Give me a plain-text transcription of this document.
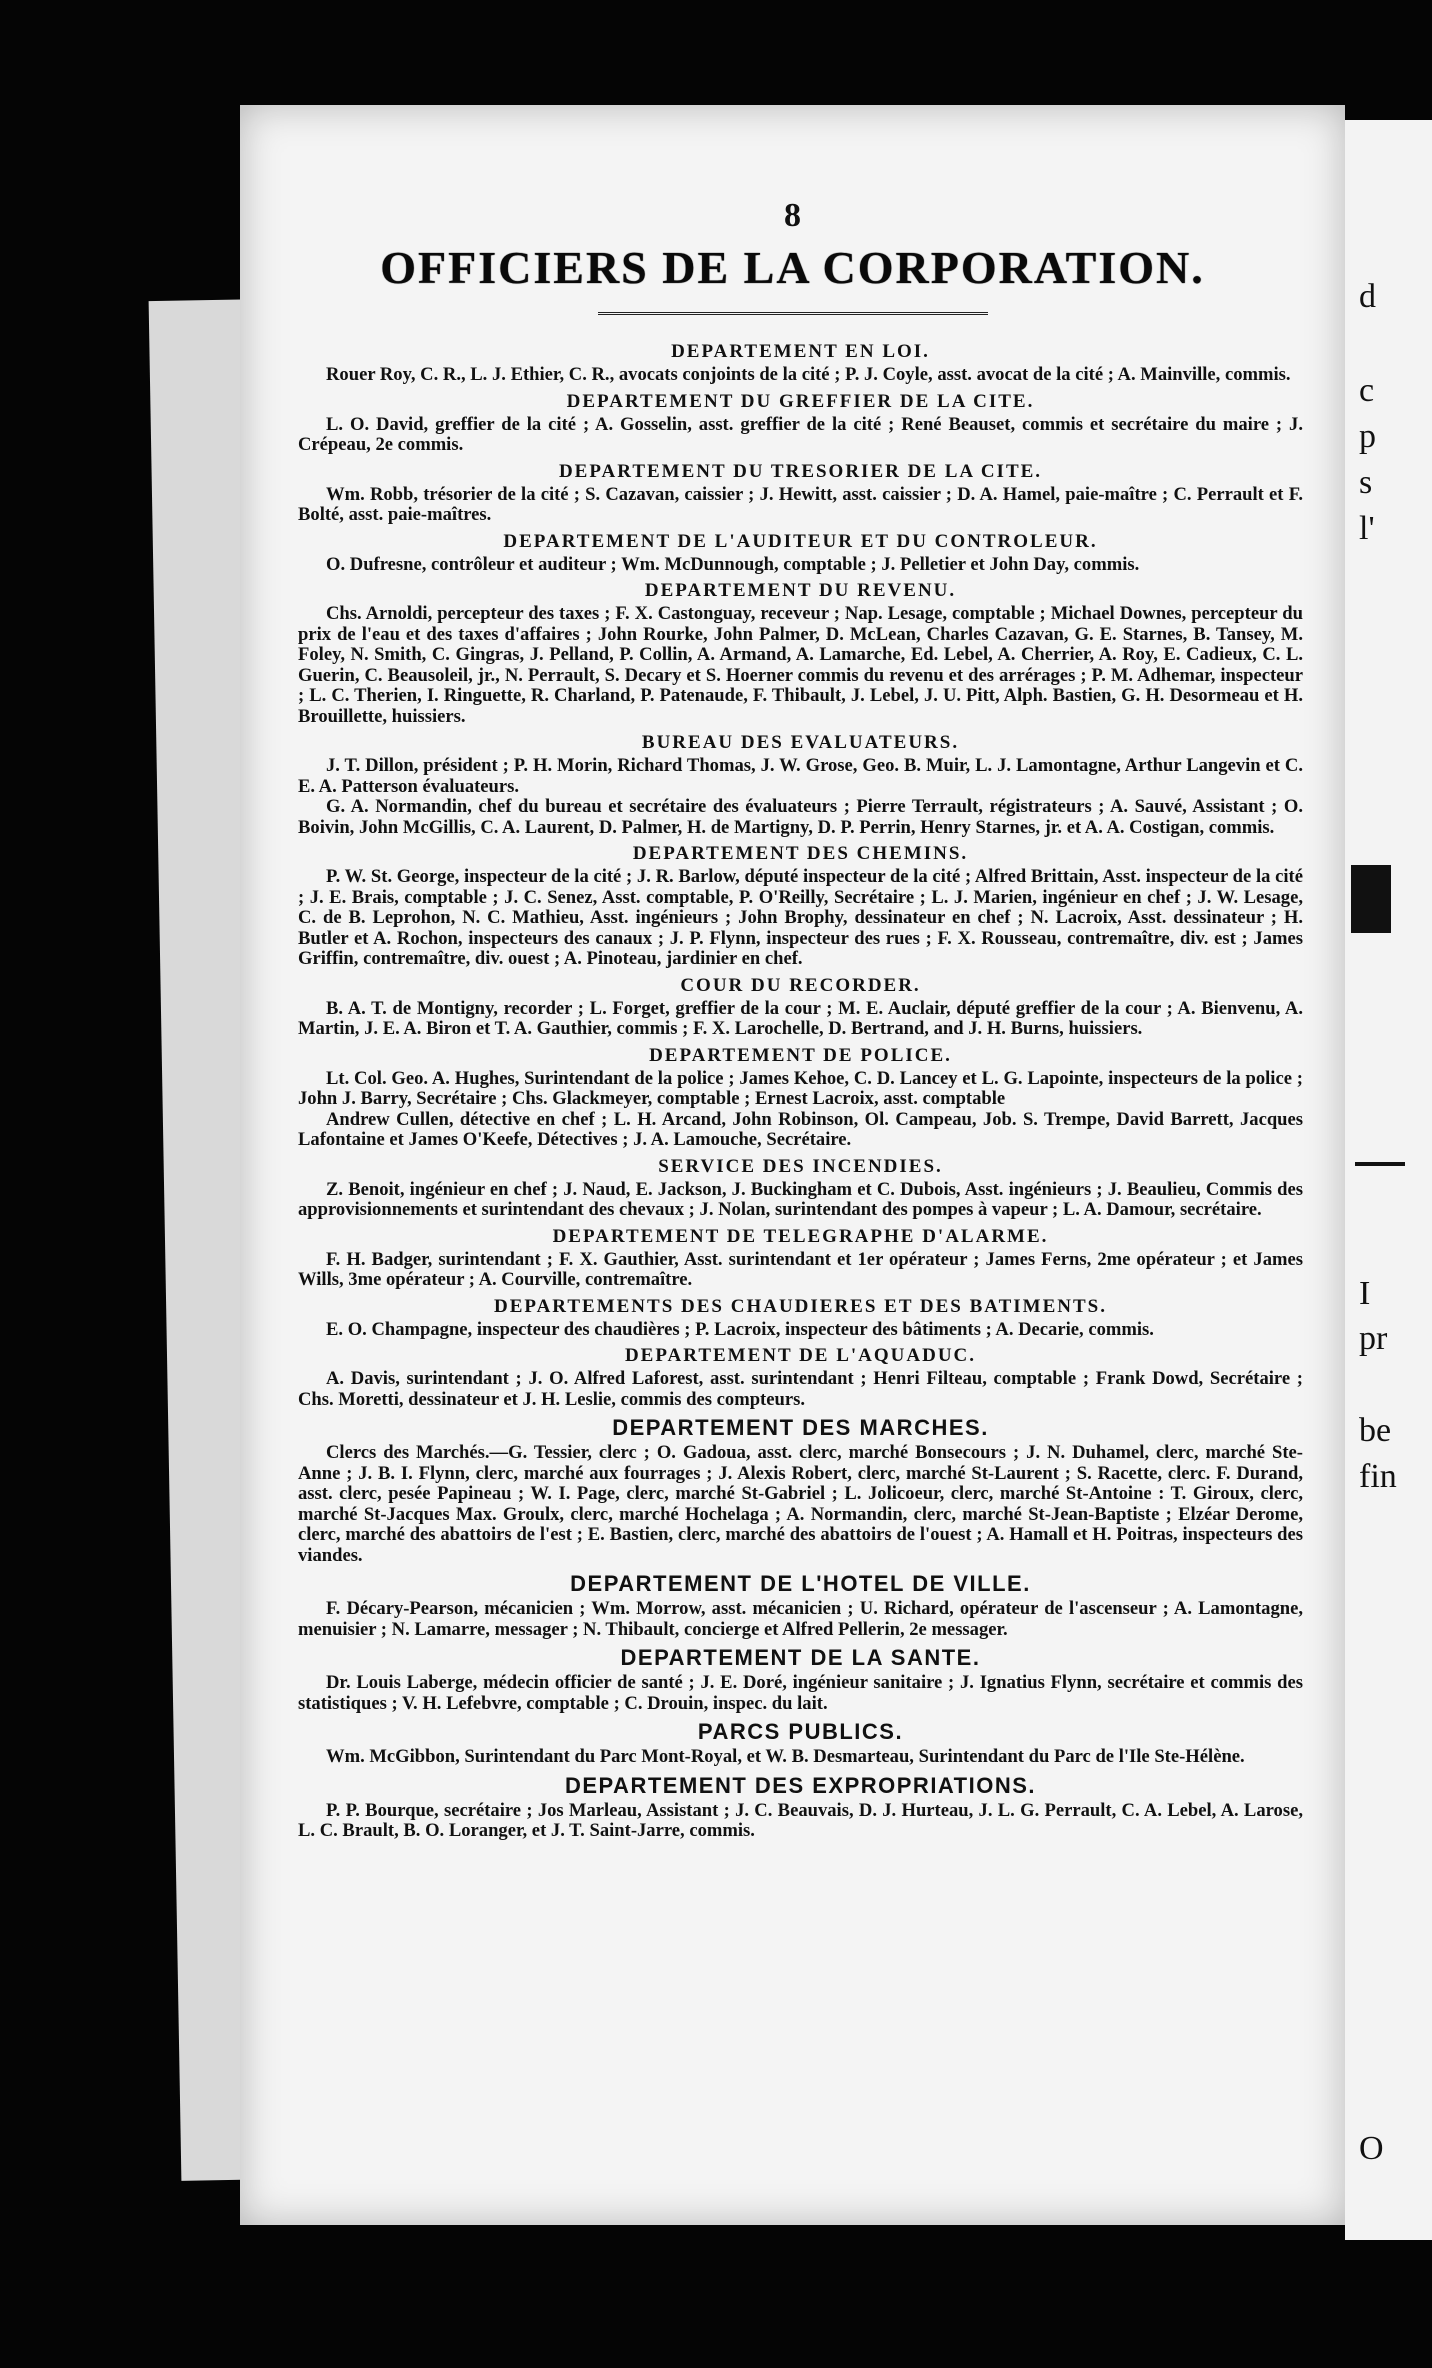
d
c
p
s
l'
I
pr
be
fin
O
8
OFFICIERS DE LA CORPORATION.
DEPARTEMENT EN LOI.

Rouer Roy, C. R., L. J. Ethier, C. R., avocats conjoints de la cité ; P. J. Coyle, asst. avocat de la cité ; A. Mainville, commis.

DEPARTEMENT DU GREFFIER DE LA CITE.

L. O. David, greffier de la cité ; A. Gosselin, asst. greffier de la cité ; René Beauset, commis et secrétaire du maire ; J. Crépeau, 2e commis.

DEPARTEMENT DU TRESORIER DE LA CITE.

Wm. Robb, trésorier de la cité ; S. Cazavan, caissier ; J. Hewitt, asst. caissier ; D. A. Hamel, paie-maître ; C. Perrault et F. Bolté, asst. paie-maîtres.

DEPARTEMENT DE L'AUDITEUR ET DU CONTROLEUR.

O. Dufresne, contrôleur et auditeur ; Wm. McDunnough, comptable ; J. Pelletier et John Day, commis.

DEPARTEMENT DU REVENU.

Chs. Arnoldi, percepteur des taxes ; F. X. Castonguay, receveur ; Nap. Lesage, comptable ; Michael Downes, percepteur du prix de l'eau et des taxes d'affaires ; John Rourke, John Palmer, D. McLean, Charles Cazavan, G. E. Starnes, B. Tansey, M. Foley, N. Smith, C. Gingras, J. Pelland, P. Collin, A. Armand, A. Lamarche, Ed. Lebel, A. Cherrier, A. Roy, E. Cadieux, C. L. Guerin, C. Beausoleil, jr., N. Perrault, S. Decary et S. Hoerner commis du revenu et des arrérages ; P. M. Adhemar, inspecteur ; L. C. Therien, I. Ringuette, R. Charland, P. Patenaude, F. Thibault, J. Lebel, J. U. Pitt, Alph. Bastien, G. H. Desormeau et H. Brouillette, huissiers.

BUREAU DES EVALUATEURS.

J. T. Dillon, président ; P. H. Morin, Richard Thomas, J. W. Grose, Geo. B. Muir, L. J. Lamontagne, Arthur Langevin et C. E. A. Patterson évaluateurs.

G. A. Normandin, chef du bureau et secrétaire des évaluateurs ; Pierre Terrault, régistrateurs ; A. Sauvé, Assistant ; O. Boivin, John McGillis, C. A. Laurent, D. Palmer, H. de Martigny, D. P. Perrin, Henry Starnes, jr. et A. A. Costigan, commis.

DEPARTEMENT DES CHEMINS.

P. W. St. George, inspecteur de la cité ; J. R. Barlow, député inspecteur de la cité ; Alfred Brittain, Asst. inspecteur de la cité ; J. E. Brais, comptable ; J. C. Senez, Asst. comptable, P. O'Reilly, Secrétaire ; L. J. Marien, ingénieur en chef ; J. W. Lesage, C. de B. Leprohon, N. C. Mathieu, Asst. ingénieurs ; John Brophy, dessinateur en chef ; N. Lacroix, Asst. dessinateur ; H. Butler et A. Rochon, inspecteurs des canaux ; J. P. Flynn, inspecteur des rues ; F. X. Rousseau, contremaître, div. est ; James Griffin, contremaître, div. ouest ; A. Pinoteau, jardinier en chef.

COUR DU RECORDER.

B. A. T. de Montigny, recorder ; L. Forget, greffier de la cour ; M. E. Auclair, député greffier de la cour ; A. Bienvenu, A. Martin, J. E. A. Biron et T. A. Gauthier, commis ; F. X. Larochelle, D. Bertrand, and J. H. Burns, huissiers.

DEPARTEMENT DE POLICE.

Lt. Col. Geo. A. Hughes, Surintendant de la police ; James Kehoe, C. D. Lancey et L. G. Lapointe, inspecteurs de la police ; John J. Barry, Secrétaire ; Chs. Glackmeyer, comptable ; Ernest Lacroix, asst. comptable

Andrew Cullen, détective en chef ; L. H. Arcand, John Robinson, Ol. Campeau, Job. S. Trempe, David Barrett, Jacques Lafontaine et James O'Keefe, Détectives ; J. A. Lamouche, Secrétaire.

SERVICE DES INCENDIES.

Z. Benoit, ingénieur en chef ; J. Naud, E. Jackson, J. Buckingham et C. Dubois, Asst. ingénieurs ; J. Beaulieu, Commis des approvisionnements et surintendant des chevaux ; J. Nolan, surintendant des pompes à vapeur ; L. A. Damour, secrétaire.

DEPARTEMENT DE TELEGRAPHE D'ALARME.

F. H. Badger, surintendant ; F. X. Gauthier, Asst. surintendant et 1er opérateur ; James Ferns, 2me opérateur ; et James Wills, 3me opérateur ; A. Courville, contremaître.

DEPARTEMENTS DES CHAUDIERES ET DES BATIMENTS.

E. O. Champagne, inspecteur des chaudières ; P. Lacroix, inspecteur des bâtiments ; A. Decarie, commis.

DEPARTEMENT DE L'AQUADUC.

A. Davis, surintendant ; J. O. Alfred Laforest, asst. surintendant ; Henri Filteau, comptable ; Frank Dowd, Secrétaire ; Chs. Moretti, dessinateur et J. H. Leslie, commis des compteurs.

DEPARTEMENT DES MARCHES.

Clercs des Marchés.—G. Tessier, clerc ; O. Gadoua, asst. clerc, marché Bonsecours ; J. N. Duhamel, clerc, marché Ste-Anne ; J. B. I. Flynn, clerc, marché aux fourrages ; J. Alexis Robert, clerc, marché St-Laurent ; S. Racette, clerc. F. Durand, asst. clerc, pesée Papineau ; W. I. Page, clerc, marché St-Gabriel ; L. Jolicoeur, clerc, marché St-Antoine : T. Giroux, clerc, marché St-Jacques Max. Groulx, clerc, marché Hochelaga ; A. Normandin, clerc, marché St-Jean-Baptiste ; Elzéar Derome, clerc, marché des abattoirs de l'est ; E. Bastien, clerc, marché des abattoirs de l'ouest ; A. Hamall et H. Poitras, inspecteurs des viandes.

DEPARTEMENT DE L'HOTEL DE VILLE.

F. Décary-Pearson, mécanicien ; Wm. Morrow, asst. mécanicien ; U. Richard, opérateur de l'ascenseur ; A. Lamontagne, menuisier ; N. Lamarre, messager ; N. Thibault, concierge et Alfred Pellerin, 2e messager.

DEPARTEMENT DE LA SANTE.

Dr. Louis Laberge, médecin officier de santé ; J. E. Doré, ingénieur sanitaire ; J. Ignatius Flynn, secrétaire et commis des statistiques ; V. H. Lefebvre, comptable ; C. Drouin, inspec. du lait.

PARCS PUBLICS.

Wm. McGibbon, Surintendant du Parc Mont-Royal, et W. B. Desmarteau, Surintendant du Parc de l'Ile Ste-Hélène.

DEPARTEMENT DES EXPROPRIATIONS.

P. P. Bourque, secrétaire ; Jos Marleau, Assistant ; J. C. Beauvais, D. J. Hurteau, J. L. G. Perrault, C. A. Lebel, A. Larose, L. C. Brault, B. O. Loranger, et J. T. Saint-Jarre, commis.
